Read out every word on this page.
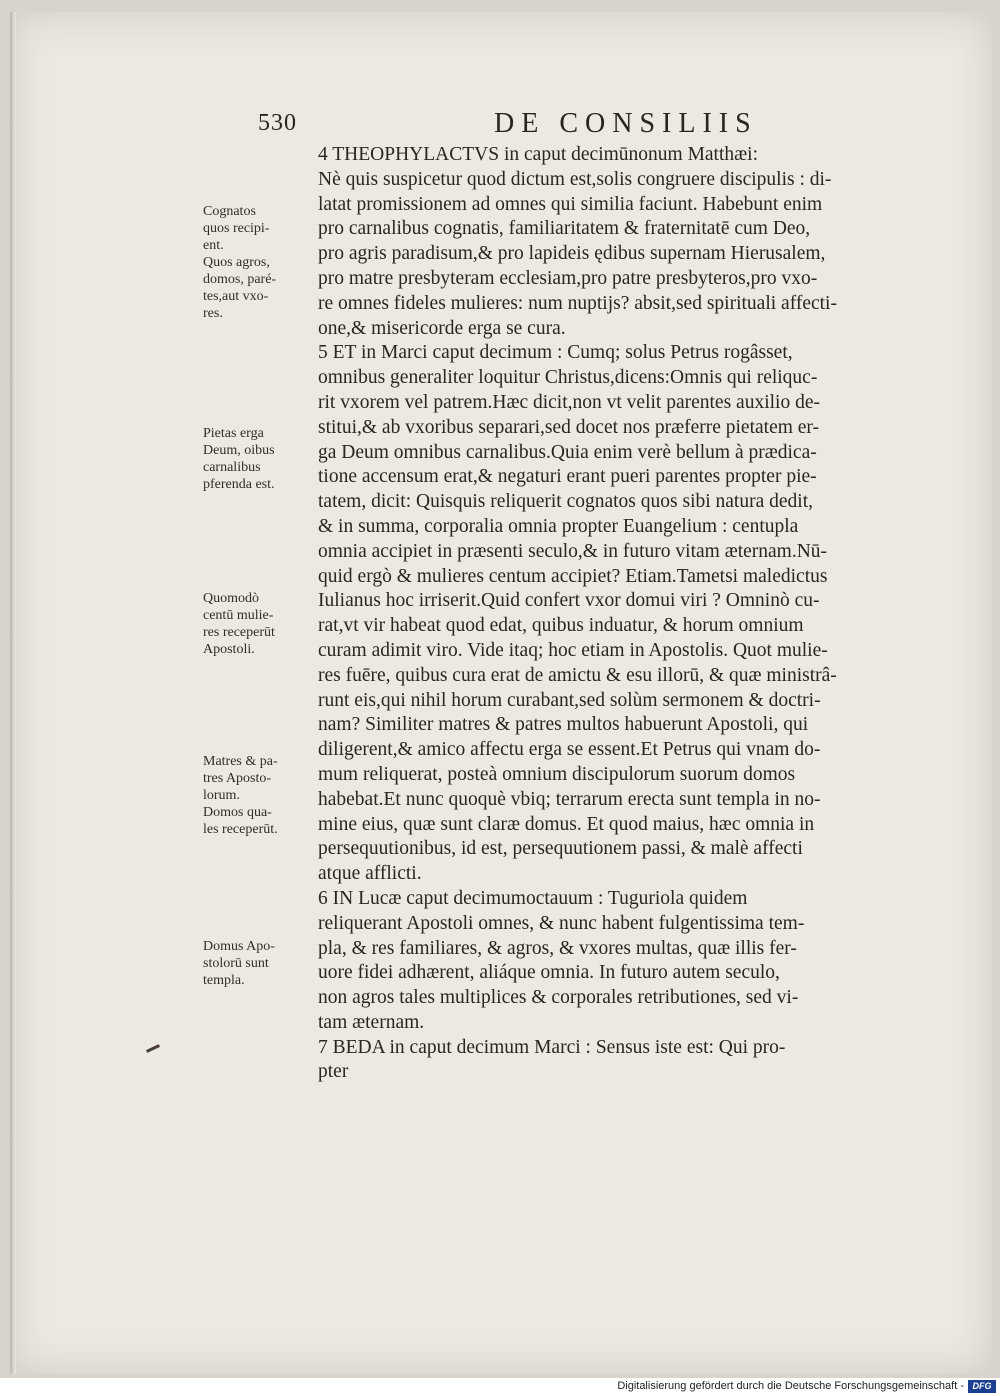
530	DE CONSILIIS
Cognatos
quos recipi-
ent.
Quos agros,
domos, paré-
tes,aut vxo-
res.
Pietas erga
Deum, oibus
carnalibus
pferenda est.
Quomodò
centū mulie-
res receperūt
Apostoli.
Matres & pa-
tres Aposto-
lorum.
Domos qua-
les receperūt.
Domus Apo-
stolorū sunt
templa.
4 THEOPHYLACTVS in caput decimūnonum Matthæi:
Nè quis suspicetur quod dictum est,solis congruere discipulis : di-
latat promissionem ad omnes qui similia faciunt. Habebunt enim
pro carnalibus cognatis, familiaritatem & fraternitatē cum Deo,
pro agris paradisum,& pro lapideis ędibus supernam Hierusalem,
pro matre presbyteram ecclesiam,pro patre presbyteros,pro vxo-
re omnes fideles mulieres: num nuptijs? absit,sed spirituali affecti-
one,& misericorde erga se cura.
5 ET in Marci caput decimum : Cumq; solus Petrus rogâsset,
omnibus generaliter loquitur Christus,dicens:Omnis qui reliquc-
rit vxorem vel patrem.Hæc dicit,non vt velit parentes auxilio de-
stitui,& ab vxoribus separari,sed docet nos præferre pietatem er-
ga Deum omnibus carnalibus.Quia enim verè bellum à prædica-
tione accensum erat,& negaturi erant pueri parentes propter pie-
tatem, dicit: Quisquis reliquerit cognatos quos sibi natura dedit,
& in summa, corporalia omnia propter Euangelium : centupla
omnia accipiet in præsenti seculo,& in futuro vitam æternam.Nū-
quid ergò & mulieres centum accipiet? Etiam.Tametsi maledictus
Iulianus hoc irriserit.Quid confert vxor domui viri ? Omninò cu-
rat,vt vir habeat quod edat, quibus induatur, & horum omnium
curam adimit viro. Vide itaq; hoc etiam in Apostolis. Quot mulie-
res fuēre, quibus cura erat de amictu & esu illorū, & quæ ministrâ-
runt eis,qui nihil horum curabant,sed solùm sermonem & doctri-
nam? Similiter matres & patres multos habuerunt Apostoli, qui
diligerent,& amico affectu erga se essent.Et Petrus qui vnam do-
mum reliquerat, posteà omnium discipulorum suorum domos
habebat.Et nunc quoquè vbiq; terrarum erecta sunt templa in no-
mine eius, quæ sunt claræ domus. Et quod maius, hæc omnia in
persequutionibus, id est, persequutionem passi, & malè affecti
atque afflicti.
6 IN Lucæ caput decimumoctauum : Tuguriola quidem
reliquerant Apostoli omnes, & nunc habent fulgentissima tem-
pla, & res familiares, & agros, & vxores multas, quæ illis fer-
uore fidei adhærent, aliáque omnia. In futuro autem seculo,
non agros tales multiplices & corporales retributiones, sed vi-
tam æternam.
7 BEDA in caput decimum Marci : Sensus iste est: Qui pro-
pter
Digitalisierung gefördert durch die Deutsche Forschungsgemeinschaft - DFG
